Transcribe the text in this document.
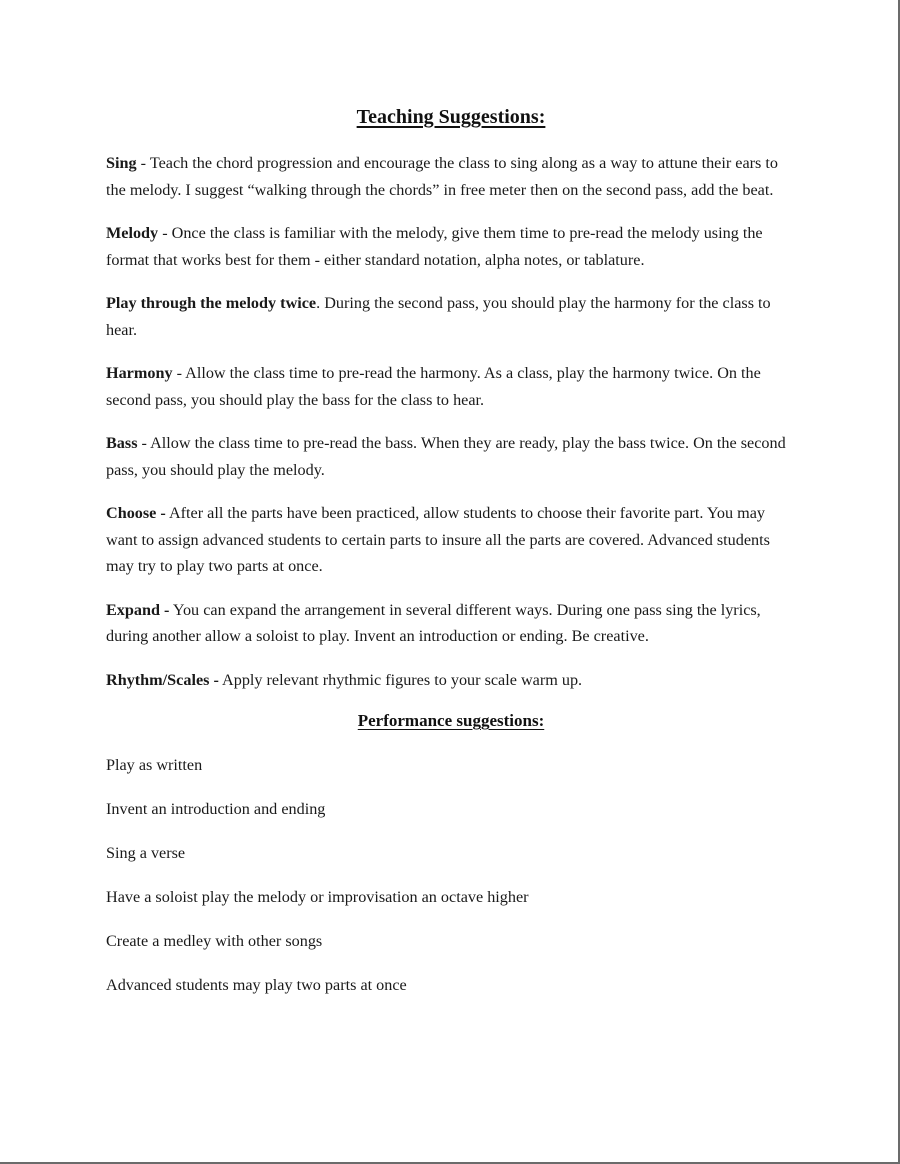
Teaching Suggestions:

Sing - Teach the chord progression and encourage the class to sing along as a way to attune their ears to the melody. I suggest “walking through the chords” in free meter then on the second pass, add the beat.

Melody - Once the class is familiar with the melody, give them time to pre-read the melody using the format that works best for them - either standard notation, alpha notes, or tablature.

Play through the melody twice. During the second pass, you should play the harmony for the class to hear.

Harmony - Allow the class time to pre-read the harmony. As a class, play the harmony twice. On the second pass, you should play the bass for the class to hear.

Bass - Allow the class time to pre-read the bass. When they are ready, play the bass twice. On the second pass, you should play the melody.

Choose - After all the parts have been practiced, allow students to choose their favorite part. You may want to assign advanced students to certain parts to insure all the parts are covered. Advanced students may try to play two parts at once.

Expand - You can expand the arrangement in several different ways. During one pass sing the lyrics, during another allow a soloist to play. Invent an introduction or ending. Be creative.

Rhythm/Scales - Apply relevant rhythmic figures to your scale warm up.

Performance suggestions:

Play as written

Invent an introduction and ending

Sing a verse

Have a soloist play the melody or improvisation an octave higher

Create a medley with other songs

Advanced students may play two parts at once
